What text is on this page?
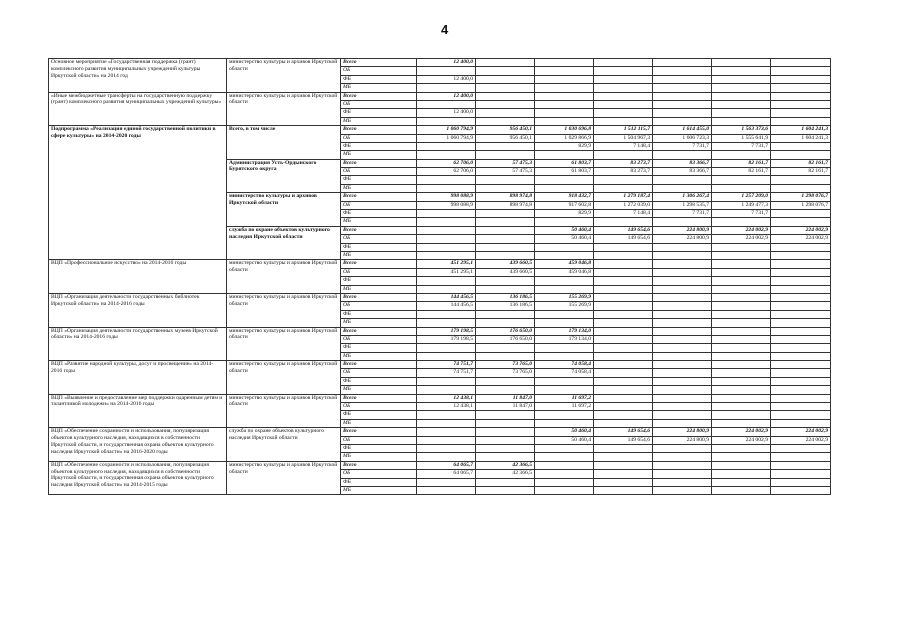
4
Основное мероприятие «Государственная поддержка (грант) комплексного развития муниципальных учреждений культуры Иркутской области» на 2014 год	министерство культуры и архивов Иркутской области	Всего	12 400,0						
		ОБ							
		ФБ	12 400,0						
		МБ							
«Иные межбюджетные трансферты на государственную поддержку (грант) комплексного развития муниципальных учреждений культуры»	министерство культуры и архивов Иркутской области	Всего	12 400,0						
		ОБ							
		ФБ	12 400,0						
		МБ							
Подпрограмма «Реализация единой государственной политики в сфере культуры» на 2014-2020 годы	Всего, в том числе	Всего	1 060 794,9	956 450,1	1 030 696,8	1 512 115,7	1 614 455,0	1 563 373,6	1 604 241,3
		ОБ	1 060 794,9	956 450,1	1 029 866,9	1 504 967,3	1 606 723,3	1 555 641,9	1 604 241,3
		ФБ			829,9	7 148,4	7 731,7	7 731,7	
		МБ							
	Администрация Усть-Ордынского Бурятского округа	Всего	62 706,0	57 475,3	61 803,7	83 273,7	83 366,7	82 161,7	82 161,7
		ОБ	62 706,0	57 475,3	61 803,7	83 273,7	83 366,7	82 161,7	82 161,7
		ФБ							
		МБ							
	министерство культуры и архивов Иркутской области	Всего	998 088,9	898 974,8	918 432,7	1 279 187,4	1 306 267,4	1 257 209,0	1 298 076,7
		ОБ	998 088,9	898 974,8	917 602,8	1 272 039,0	1 298 535,7	1 249 477,3	1 298 076,7
		ФБ			829,9	7 148,4	7 731,7	7 731,7	
		МБ							
	служба по охране объектов культурного наследия Иркутской области	Всего			50 460,4	149 654,6	224 800,9	224 002,9	224 002,9
		ОБ			50 460,4	149 654,6	224 800,9	224 002,9	224 002,9
		ФБ							
		МБ							
ВЦП «Профессиональное искусство» на 2014-2016 годы	министерство культуры и архивов Иркутской области	Всего	451 295,1	439 660,5	459 046,8				
		ОБ	451 295,1	439 660,5	459 046,8				
		ФБ							
		МБ							
ВЦП «Организация деятельности государственных библиотек Иркутской области» на 2014-2016 годы	министерство культуры и архивов Иркутской области	Всего	144 456,5	136 186,5	155 269,9				
		ОБ	144 456,5	136 186,5	155 269,9				
		ФБ							
		МБ							
ВЦП «Организация деятельности государственных музеев Иркутской области» на 2014-2016 годы	министерство культуры и архивов Иркутской области	Всего	179 198,5	176 650,0	179 134,0				
		ОБ	179 198,5	176 650,0	179 134,0				
		ФБ							
		МБ							
ВЦП «Развитие народной культуры, досуг и просвещение» на 2014-2016 годы	министерство культуры и архивов Иркутской области	Всего	74 751,7	73 765,0	74 058,4				
		ОБ	74 751,7	73 765,0	74 058,4				
		ФБ							
		МБ							
ВЦП «Выявление и предоставление мер поддержки одаренным детям и талантливой молодежи» на 2014-2016 годы	министерство культуры и архивов Иркутской области	Всего	12 438,1	11 847,0	11 697,2				
		ОБ	12 438,1	11 847,0	11 697,2				
		ФБ							
		МБ							
ВЦП «Обеспечение сохранности и использования, популяризация объектов культурного наследия, находящихся в собственности Иркутской области, и государственная охрана объектов культурного наследия Иркутской области» на 2016-2020 годы	служба по охране объектов культурного наследия Иркутской области	Всего			50 460,4	149 654,6	224 800,9	224 002,9	224 002,9
		ОБ			50 460,4	149 654,6	224 800,9	224 002,9	224 002,9
		ФБ							
		МБ							
ВЦП «Обеспечение сохранности и использования, популяризация объектов культурного наследия, находящихся в собственности Иркутской области, и государственная охрана объектов культурного наследия Иркутской области» на 2014-2015 годы	министерство культуры и архивов Иркутской области	Всего	64 065,7	42 366,5					
		ОБ	64 065,7	42 366,5					
		ФБ							
		МБ							
